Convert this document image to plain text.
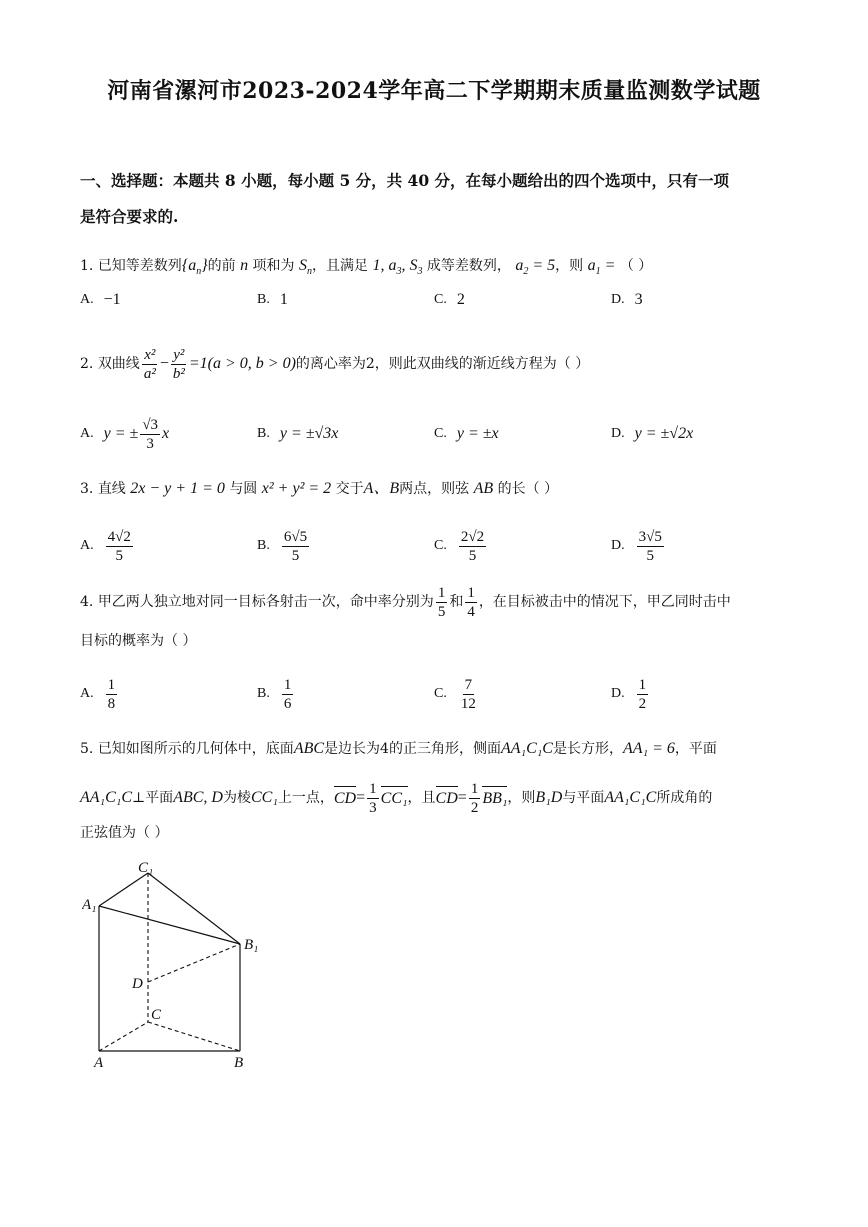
河南省漯河市2023-2024学年高二下学期期末质量监测数学试题
一、选择题：本题共 8 小题，每小题 5 分，共 40 分，在每小题给出的四个选项中，只有一项
是符合要求的.
1. 已知等差数列$\{a_n\}$的前 n 项和为 $S_n$，且满足 1, $a_3$, $S_3$ 成等差数列， $a_2 = 5$，则 $a_1$ = （ ）
A. −1	B. 1	C. 2	D. 3
2.
双曲线 $\frac{\text{x²}}{\text{a²}} - \frac{\text{y²}}{\text{b²}} =1(a > 0$, b > 0) 的离心率为2，则此双曲线的渐近线方程为（ ）
A. y = ± $\frac{√3}{3}$ x	B. y = ±√3x	C. y = ±x	D. y = ±√2x
3. 直线 2x − y + 1 = 0 与圆 x² + y² = 2 交于A、B两点，则弦 AB 的长（ ）
A. $\frac{4√2}{5}$	B. $\frac{6√5}{5}$	C. $\frac{2√2}{5}$	D. $\frac{3√5}{5}$
4.
甲乙两人独立地对同一目标各射击一次，命中率分别为 $\frac{1}{5}$ 和 $\frac{1}{4}$ ，在目标被击中的情况下，甲乙同时击中
目标的概率为（ ）
A. $\frac{1}{8}$	B. $\frac{1}{6}$	C. $\frac{7}{12}$	D. $\frac{1}{2}$
5. 已知如图所示的几何体中，底面ABC是边长为4的正三角形，侧面AA₁C₁C是长方形，AA₁ = 6，平面
AA₁C₁C ⊥平面 ABC, D 为棱 CC₁ 上一点， CD = $\frac{1}{3} CC_1$ ，且 CD = $\frac{1}{2} BB_1$ ，则 B₁D 与平面 AA₁C₁C 所成角的
正弦值为（ ）
C₁
A₁
B₁
D
C
A	B
